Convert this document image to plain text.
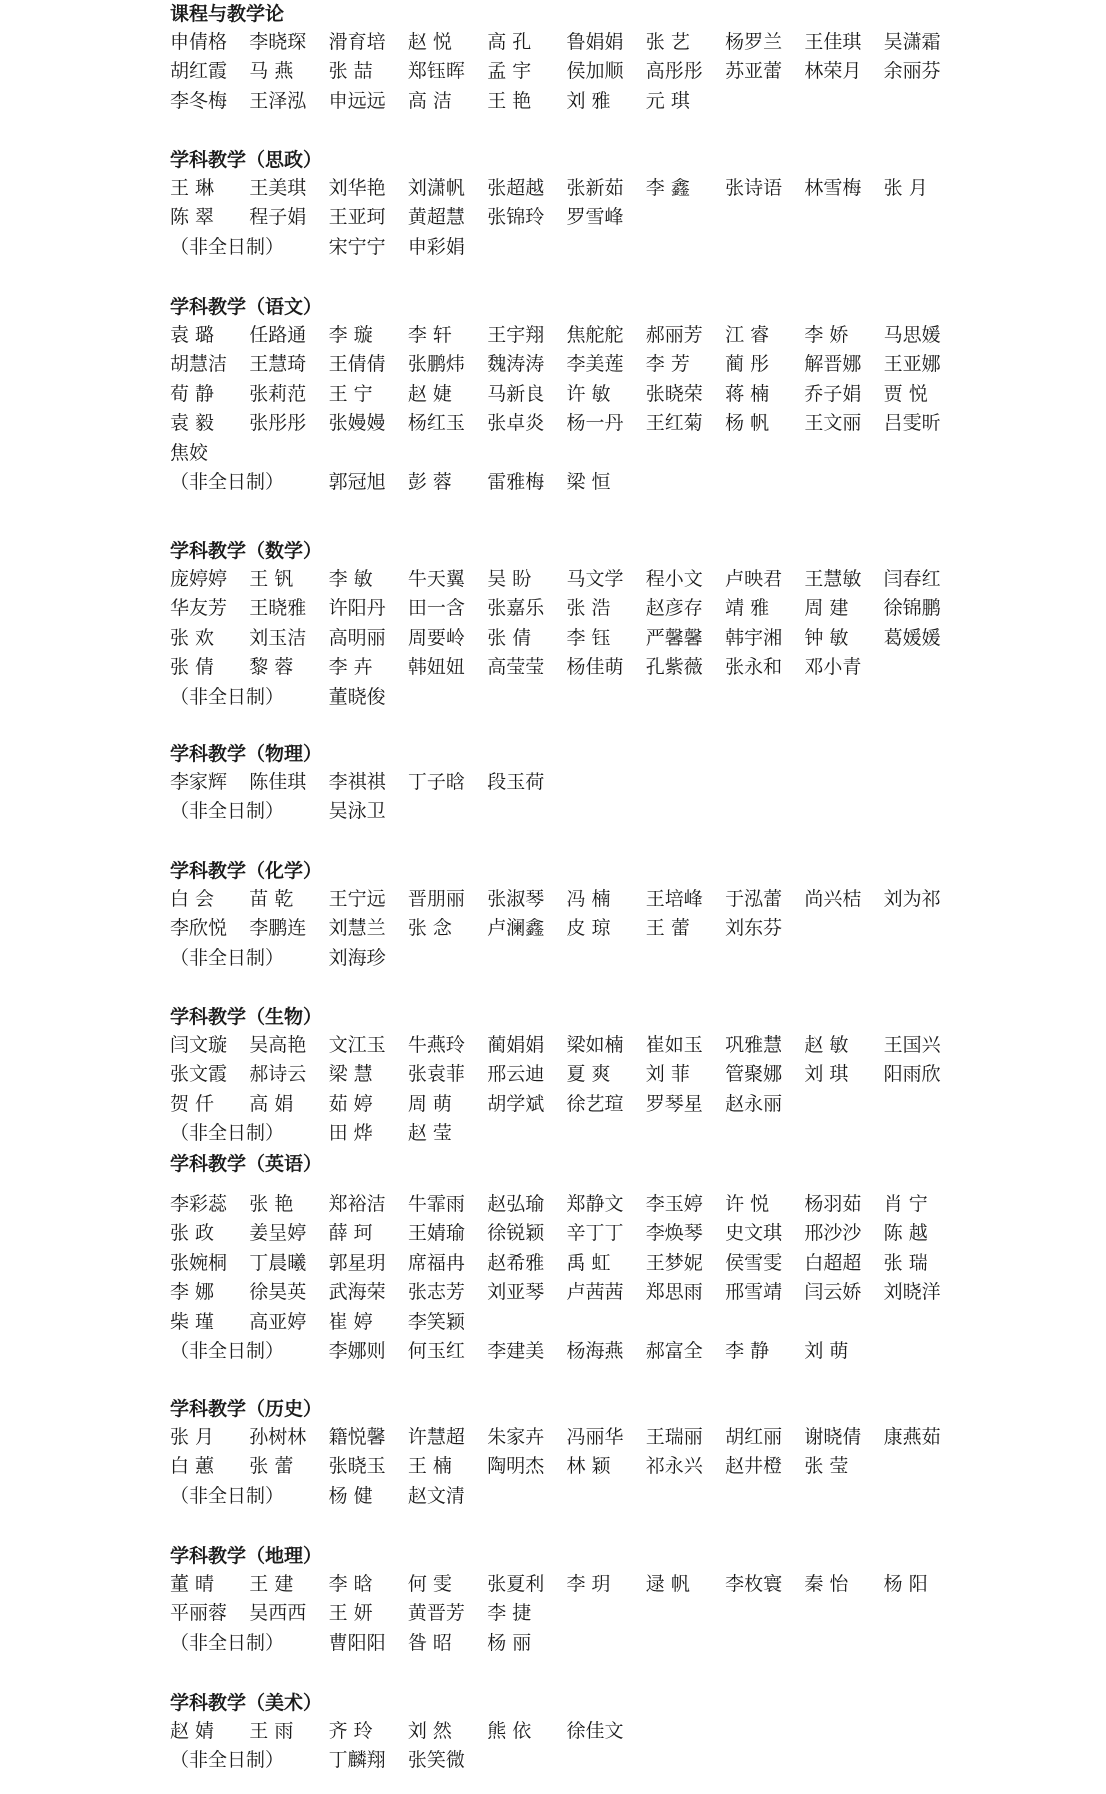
课程与教学论
申倩格 李晓琛 滑育培 赵 悦 高 孔 鲁娟娟 张 艺 杨罗兰 王佳琪 吴潇霜
胡红霞 马 燕 张 喆 郑钰晖 孟 宇 侯加顺 高彤彤 苏亚蕾 林荣月 余丽芬
李冬梅 王泽泓 申远远 高 洁 王 艳 刘 雅 元 琪
学科教学（思政）
王 琳 王美琪 刘华艳 刘潇帆 张超越 张新茹 李 鑫 张诗语 林雪梅 张 月
陈 翠 程子娟 王亚珂 黄超慧 张锦玲 罗雪峰
（非全日制） 宋宁宁 申彩娟
学科教学（语文）
袁 璐 任路通 李 璇 李 轩 王宇翔 焦舵舵 郝丽芳 江 睿 李 娇 马思媛
胡慧洁 王慧琦 王倩倩 张鹏炜 魏涛涛 李美莲 李 芳 蔺 彤 解晋娜 王亚娜
荀 静 张莉范 王 宁 赵 婕 马新良 许 敏 张晓荣 蒋 楠 乔子娟 贾 悦
袁 毅 张彤彤 张嫚嫚 杨红玉 张卓炎 杨一丹 王红菊 杨 帆 王文丽 吕雯昕
焦姣
（非全日制） 郭冠旭 彭 蓉 雷雅梅 梁 恒
学科教学（数学）
庞婷婷 王 钒 李 敏 牛天翼 吴 盼 马文学 程小文 卢映君 王慧敏 闫春红
华友芳 王晓雅 许阳丹 田一含 张嘉乐 张 浩 赵彦存 靖 雅 周 建 徐锦鹏
张 欢 刘玉洁 高明丽 周要岭 张 倩 李 钰 严馨馨 韩宇湘 钟 敏 葛媛媛
张 倩 黎 蓉 李 卉 韩妞妞 高莹莹 杨佳萌 孔紫薇 张永和 邓小青
（非全日制） 董晓俊
学科教学（物理）
李家辉 陈佳琪 李祺祺 丁子晗 段玉荷
（非全日制） 吴泳卫
学科教学（化学）
白 会 苗 乾 王宁远 晋朋丽 张淑琴 冯 楠 王培峰 于泓蕾 尚兴桔 刘为祁
李欣悦 李鹏连 刘慧兰 张 念 卢澜鑫 皮 琼 王 蕾 刘东芬
（非全日制） 刘海珍
学科教学（生物）
闫文璇 吴高艳 文江玉 牛燕玲 蔺娟娟 梁如楠 崔如玉 巩雅慧 赵 敏 王国兴
张文霞 郝诗云 梁 慧 张袁菲 邢云迪 夏 爽 刘 菲 管聚娜 刘 琪 阳雨欣
贺 仟 高 娟 茹 婷 周 萌 胡学斌 徐艺瑄 罗琴星 赵永丽
（非全日制） 田 烨 赵 莹
学科教学（英语）
李彩蕊 张 艳 郑裕洁 牛霏雨 赵弘瑜 郑静文 李玉婷 许 悦 杨羽茹 肖 宁
张 政 姜呈婷 薛 珂 王婧瑜 徐锐颖 辛丁丁 李焕琴 史文琪 邢沙沙 陈 越
张婉桐 丁晨曦 郭星玥 席福冉 赵希雅 禹 虹 王梦妮 侯雪雯 白超超 张 瑞
李 娜 徐昊英 武海荣 张志芳 刘亚琴 卢茜茜 郑思雨 邢雪靖 闫云娇 刘晓洋
柴 瑾 高亚婷 崔 婷 李笑颖
（非全日制） 李娜则 何玉红 李建美 杨海燕 郝富全 李 静 刘 萌
学科教学（历史）
张 月 孙树林 籍悦馨 许慧超 朱家卉 冯丽华 王瑞丽 胡红丽 谢晓倩 康燕茹
白 蕙 张 蕾 张晓玉 王 楠 陶明杰 林 颖 祁永兴 赵井橙 张 莹
（非全日制） 杨 健 赵文清
学科教学（地理）
董 晴 王 建 李 晗 何 雯 张夏利 李 玥 逯 帆 李枚寰 秦 怡 杨 阳
平丽蓉 吴西西 王 妍 黄晋芳 李 捷
（非全日制） 曹阳阳 昝 昭 杨 丽
学科教学（美术）
赵 婧 王 雨 齐 玲 刘 然 熊 依 徐佳文
（非全日制） 丁麟翔 张笑微
